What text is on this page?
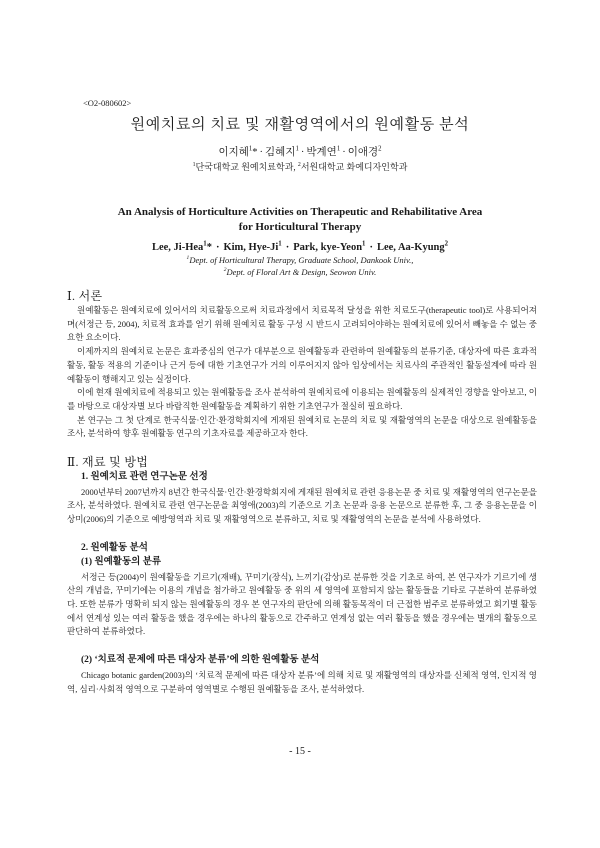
<O2-080602>
원예치료의 치료 및 재활영역에서의 원예활동 분석
이지혜$^1$* · 김혜지$^1$ · 박계연$^1$ · 이애경$^2$
$^1$단국대학교 원예치료학과, $^2$서원대학교 화예디자인학과
An Analysis of Horticulture Activities on Therapeutic and Rehabilitative Area
for Horticultural Therapy
Lee, Ji-Hea$^1$* · Kim, Hye-$Ji^1$ · Park, kye-Yeon$^1$ · Lee, Aa-Kyung$^2$
$^1$Dept. of Horticultural Therapy, Graduate School, Dankook Univ.,
$^2$Dept. of Floral Art & Design, Seowon Univ.
Ⅰ. 서론

원예활동은 원예치료에 있어서의 치료활동으로써 치료과정에서 치료목적 달성을 위한 치료도구(therapeutic tool)로 사용되어져며(서정근 등, 2004), 치료적 효과를 얻기 위해 원예치료 활동 구성 시 반드시 고려되어야하는 원예치료에 있어서 빼놓을 수 없는 중요한 요소이다.

이제까지의 원예치료 논문은 효과중심의 연구가 대부분으로 원예활동과 관련하여 원예활동의 분류기준, 대상자에 따른 효과적 활동, 활동 적용의 기준이나 근거 등에 대한 기초연구가 거의 이루어지지 않아 임상에서는 치료사의 주관적인 활동설계에 따라 원예활동이 행해지고 있는 실정이다.

이에 현재 원예치료에 적용되고 있는 원예활동을 조사 분석하여 원예치료에 이용되는 원예활동의 실제적인 경향을 알아보고, 이를 바탕으로 대상자별 보다 바람직한 원예활동을 계획하기 위한 기초연구가 절실히 필요하다.

본 연구는 그 첫 단계로 한국식물·인간·환경학회지에 게재된 원예치료 논문의 치료 및 재활영역의 논문을 대상으로 원예활동을 조사, 분석하여 향후 원예활동 연구의 기초자료를 제공하고자 한다.

Ⅱ. 재료 및 방법
1. 원예치료 관련 연구논문 선정

2000년부터 2007년까지 8년간 한국식물·인간·환경학회지에 게재된 원예치료 관련 응용논문 중 치료 및 재활영역의 연구논문을 조사, 분석하였다. 원예치료 관련 연구논문을 최영애(2003)의 기준으로 기초 논문과 응용 논문으로 분류한 후, 그 중 응용논문을 이상미(2006)의 기준으로 예방영역과 치료 및 재활영역으로 분류하고, 치료 및 재활영역의 논문을 분석에 사용하였다.

2. 원예활동 분석
(1) 원예활동의 분류

서정근 등(2004)이 원예활동을 기르기(재배), 꾸미기(장식), 느끼기(감상)로 분류한 것을 기초로 하여, 본 연구자가 기르기에 생산의 개념을, 꾸미기에는 이용의 개념을 첨가하고 원예활동 중 위의 세 영역에 포함되지 않는 활동들을 기타로 구분하여 분류하였다. 또한 분류가 명확히 되지 않는 원예활동의 경우 본 연구자의 판단에 의해 활동목적이 더 근접한 범주로 분류하였고 회기별 활동에서 연계성 있는 여러 활동을 했을 경우에는 하나의 활동으로 간주하고 연계성 없는 여러 활동을 했을 경우에는 별개의 활동으로 판단하여 분류하였다.

(2) ‘치료적 문제에 따른 대상자 분류’에 의한 원예활동 분석

Chicago botanic garden(2003)의 ‘치료적 문제에 따른 대상자 분류’에 의해 치료 및 재활영역의 대상자를 신체적 영역, 인지적 영역, 심리·사회적 영역으로 구분하여 영역별로 수행된 원예활동을 조사, 분석하였다.

- 15 -
